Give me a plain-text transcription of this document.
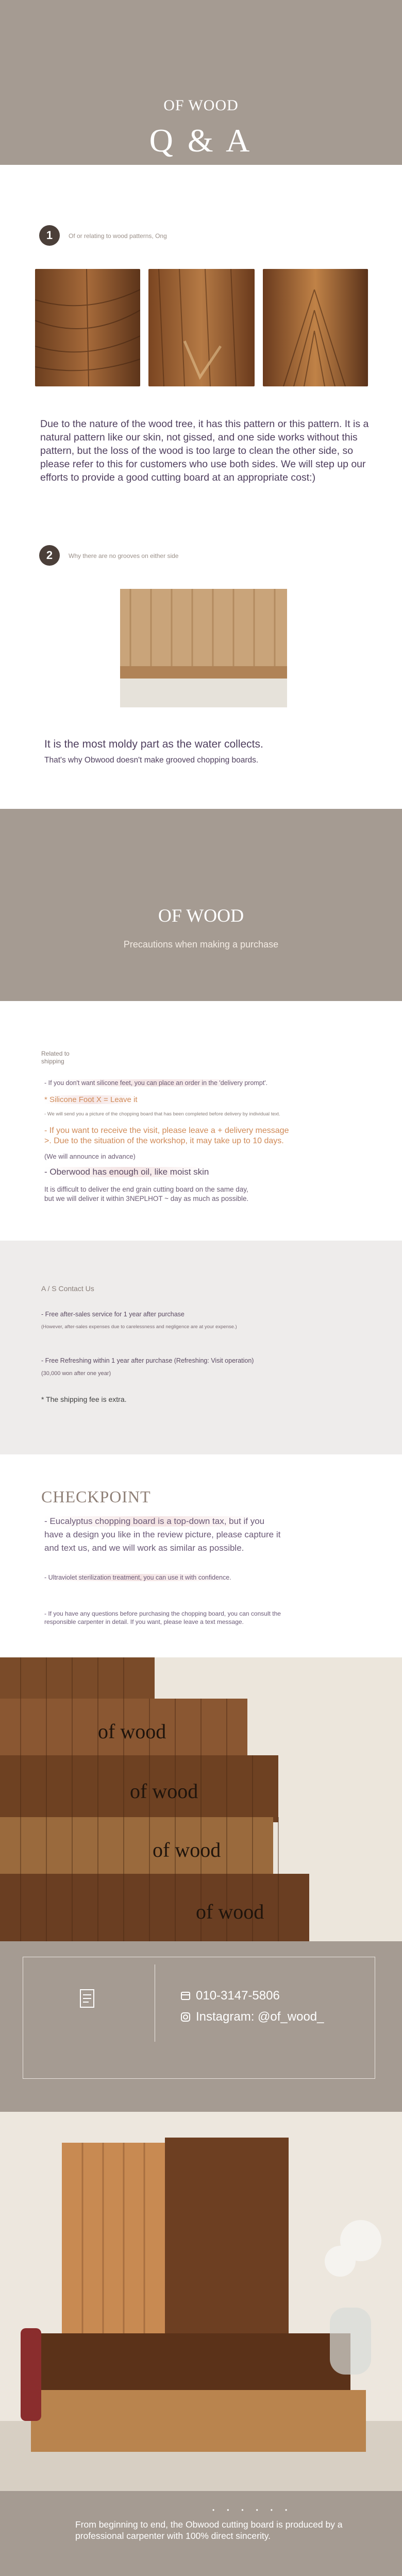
OF WOOD
Q & A
1	Of or relating to wood patterns, Ong
Due to the nature of the wood tree, it has this pattern or this pattern. It is a natural pattern like our skin, not gissed, and one side works without this pattern, but the loss of the wood is too large to clean the other side, so please refer to this for customers who use both sides. We will step up our efforts to provide a good cutting board at an appropriate cost:)
2	Why there are no grooves on either side
It is the most moldy part as the water collects.
That's why Obwood doesn't make grooved chopping boards.
OF WOOD
Precautions when making a purchase
Related to
shipping
- If you don't want silicone feet, you can place an order in the 'delivery prompt'.
* Silicone Foot X = Leave it
- We will send you a picture of the chopping board that has been completed before delivery by individual text.
- If you want to receive the visit, please leave a + delivery message
>. Due to the situation of the workshop, it may take up to 10 days.
(We will announce in advance)
- Oberwood has enough oil, like moist skin
It is difficult to deliver the end grain cutting board on the same day,
but we will deliver it within 3NEPLHOT ~ day as much as possible.
A / S Contact Us
- Free after-sales service for 1 year after purchase
(However, after-sales expenses due to carelessness and negligence are at your expense.)
- Free Refreshing within 1 year after purchase (Refreshing: Visit operation)
(30,000 won after one year)
* The shipping fee is extra.
CHECKPOINT
- Eucalyptus chopping board is a top-down tax, but if you
have a design you like in the review picture, please capture it
and text us, and we will work as similar as possible.
- Ultraviolet sterilization treatment, you can use it with confidence.
- If you have any questions before purchasing the chopping board, you can consult the
responsible carpenter in detail. If you want, please leave a text message.
of wood
of wood
of wood
of wood
010-3147-5806
Instagram: @of_wood_
••••••
From beginning to end, the Obwood cutting board is produced by a professional carpenter with 100% direct sincerity.
